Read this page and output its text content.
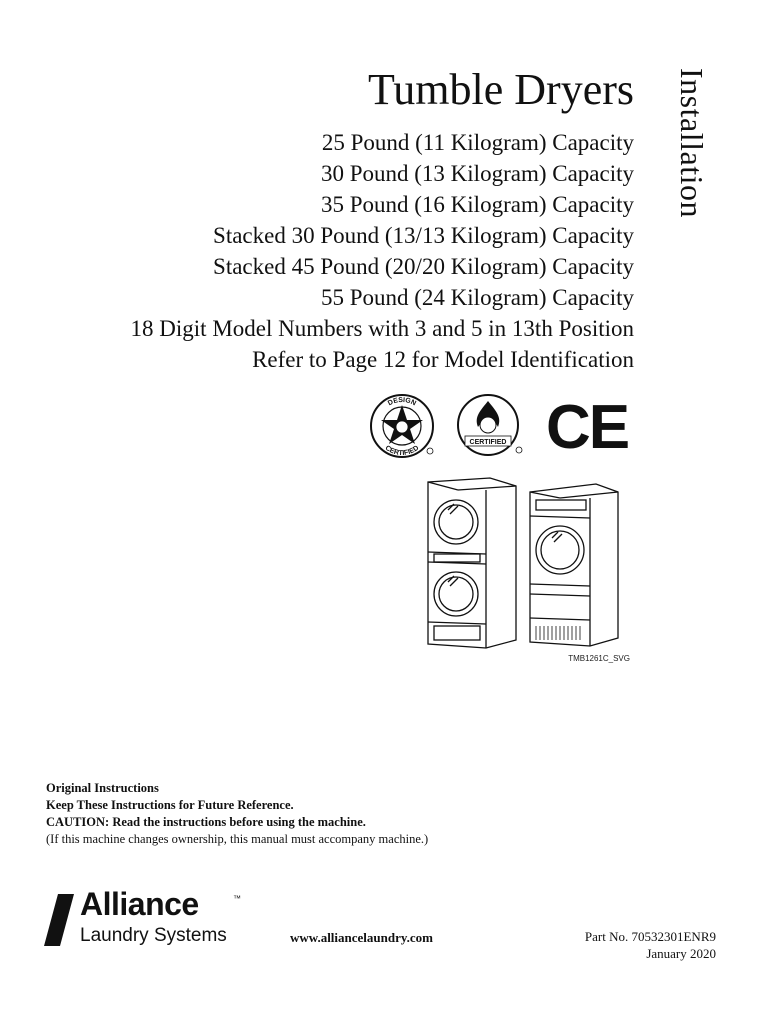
Tumble Dryers
25 Pound (11 Kilogram) Capacity
30 Pound (13 Kilogram) Capacity
35 Pound (16 Kilogram) Capacity
Stacked 30 Pound (13/13 Kilogram) Capacity
Stacked 45 Pound (20/20 Kilogram) Capacity
55 Pound (24 Kilogram) Capacity
18 Digit Model Numbers with 3 and 5 in 13th Position
Refer to Page 12 for Model Identification
Installation
DESIGN
CERTIFIED
CERTIFIED CE
TMB1261C_SVG
Original Instructions
Keep These Instructions for Future Reference.
CAUTION: Read the instructions before using the machine.
(If this machine changes ownership, this manual must accompany machine.)
Alliance	™
Laundry Systems	www.alliancelaundry.com	Part No. 70532301ENR9
January 2020
